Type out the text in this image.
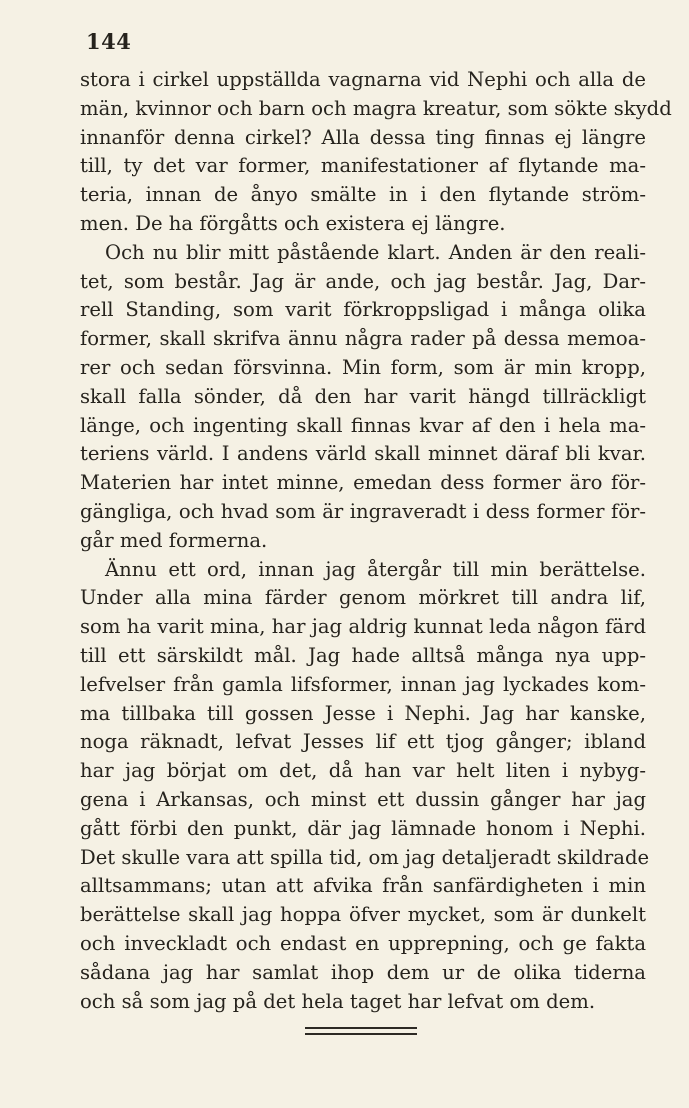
144
stora i cirkel uppställda vagnarna vid Nephi och alla de
män, kvinnor och barn och magra kreatur, som sökte skydd
innanför denna cirkel? Alla dessa ting finnas ej längre
till, ty det var former, manifestationer af flytande ma-
teria, innan de ånyo smälte in i den flytande ström-
men. De ha förgåtts och existera ej längre.
Och nu blir mitt påstående klart. Anden är den reali-
tet, som består. Jag är ande, och jag består. Jag, Dar-
rell Standing, som varit förkroppsligad i många olika
former, skall skrifva ännu några rader på dessa memoa-
rer och sedan försvinna. Min form, som är min kropp,
skall falla sönder, då den har varit hängd tillräckligt
länge, och ingenting skall finnas kvar af den i hela ma-
teriens värld. I andens värld skall minnet däraf bli kvar.
Materien har intet minne, emedan dess former äro för-
gängliga, och hvad som är ingraveradt i dess former för-
går med formerna.
Ännu ett ord, innan jag återgår till min berättelse.
Under alla mina färder genom mörkret till andra lif,
som ha varit mina, har jag aldrig kunnat leda någon färd
till ett särskildt mål. Jag hade alltså många nya upp-
lefvelser från gamla lifsformer, innan jag lyckades kom-
ma tillbaka till gossen Jesse i Nephi. Jag har kanske,
noga räknadt, lefvat Jesses lif ett tjog gånger; ibland
har jag börjat om det, då han var helt liten i nybyg-
gena i Arkansas, och minst ett dussin gånger har jag
gått förbi den punkt, där jag lämnade honom i Nephi.
Det skulle vara att spilla tid, om jag detaljeradt skildrade
alltsammans; utan att afvika från sanfärdigheten i min
berättelse skall jag hoppa öfver mycket, som är dunkelt
och inveckladt och endast en upprepning, och ge fakta
sådana jag har samlat ihop dem ur de olika tiderna
och så som jag på det hela taget har lefvat om dem.
